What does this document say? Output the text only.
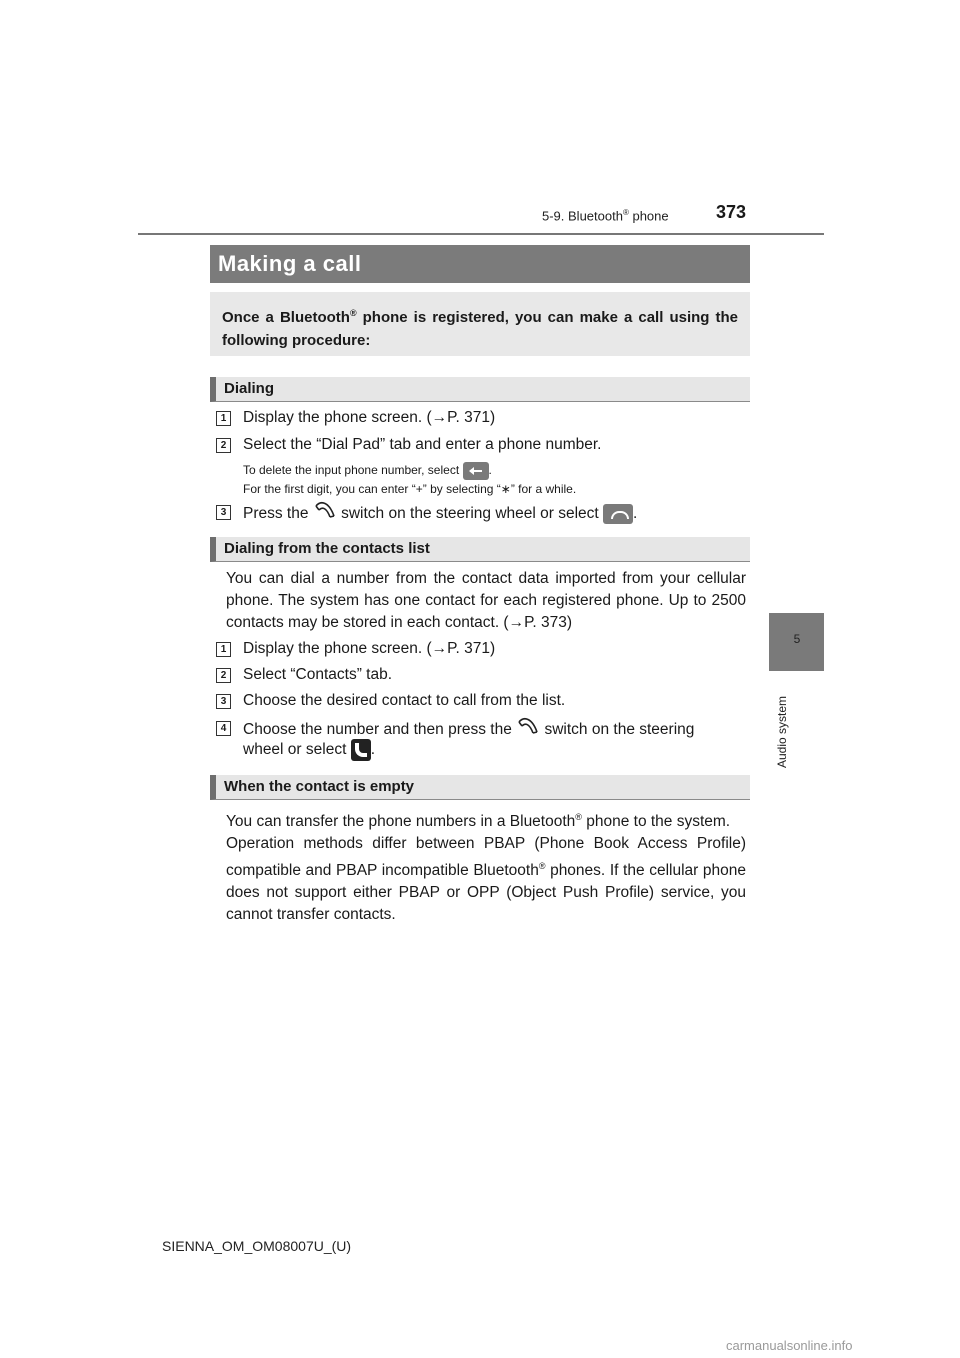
5-9. Bluetooth® phone	373
5
Audio system
Making a call

Once a Bluetooth® phone is registered, you can make a call using the following procedure:

Dialing
1	Display the phone screen. (→P. 371)
2	Select the “Dial Pad” tab and enter a phone number.
To delete the input phone number, select .
For the first digit, you can enter “+” by selecting “∗” for a while.
3	Press the switch on the steering wheel or select .
Dialing from the contacts list
You can dial a number from the contact data imported from your cellular phone. The system has one contact for each registered phone. Up to 2500 contacts may be stored in each contact. (→P. 373)
1	Display the phone screen. (→P. 371)
2	Select “Contacts” tab.
3	Choose the desired contact to call from the list.
4	Choose the number and then press the switch on the steering
wheel or select .
When the contact is empty
You can transfer the phone numbers in a Bluetooth® phone to the system.
Operation methods differ between PBAP (Phone Book Access Profile) compatible and PBAP incompatible Bluetooth® phones. If the cellular phone does not support either PBAP or OPP (Object Push Profile) service, you cannot transfer contacts.
SIENNA_OM_OM08007U_(U)
carmanualsonline.info
